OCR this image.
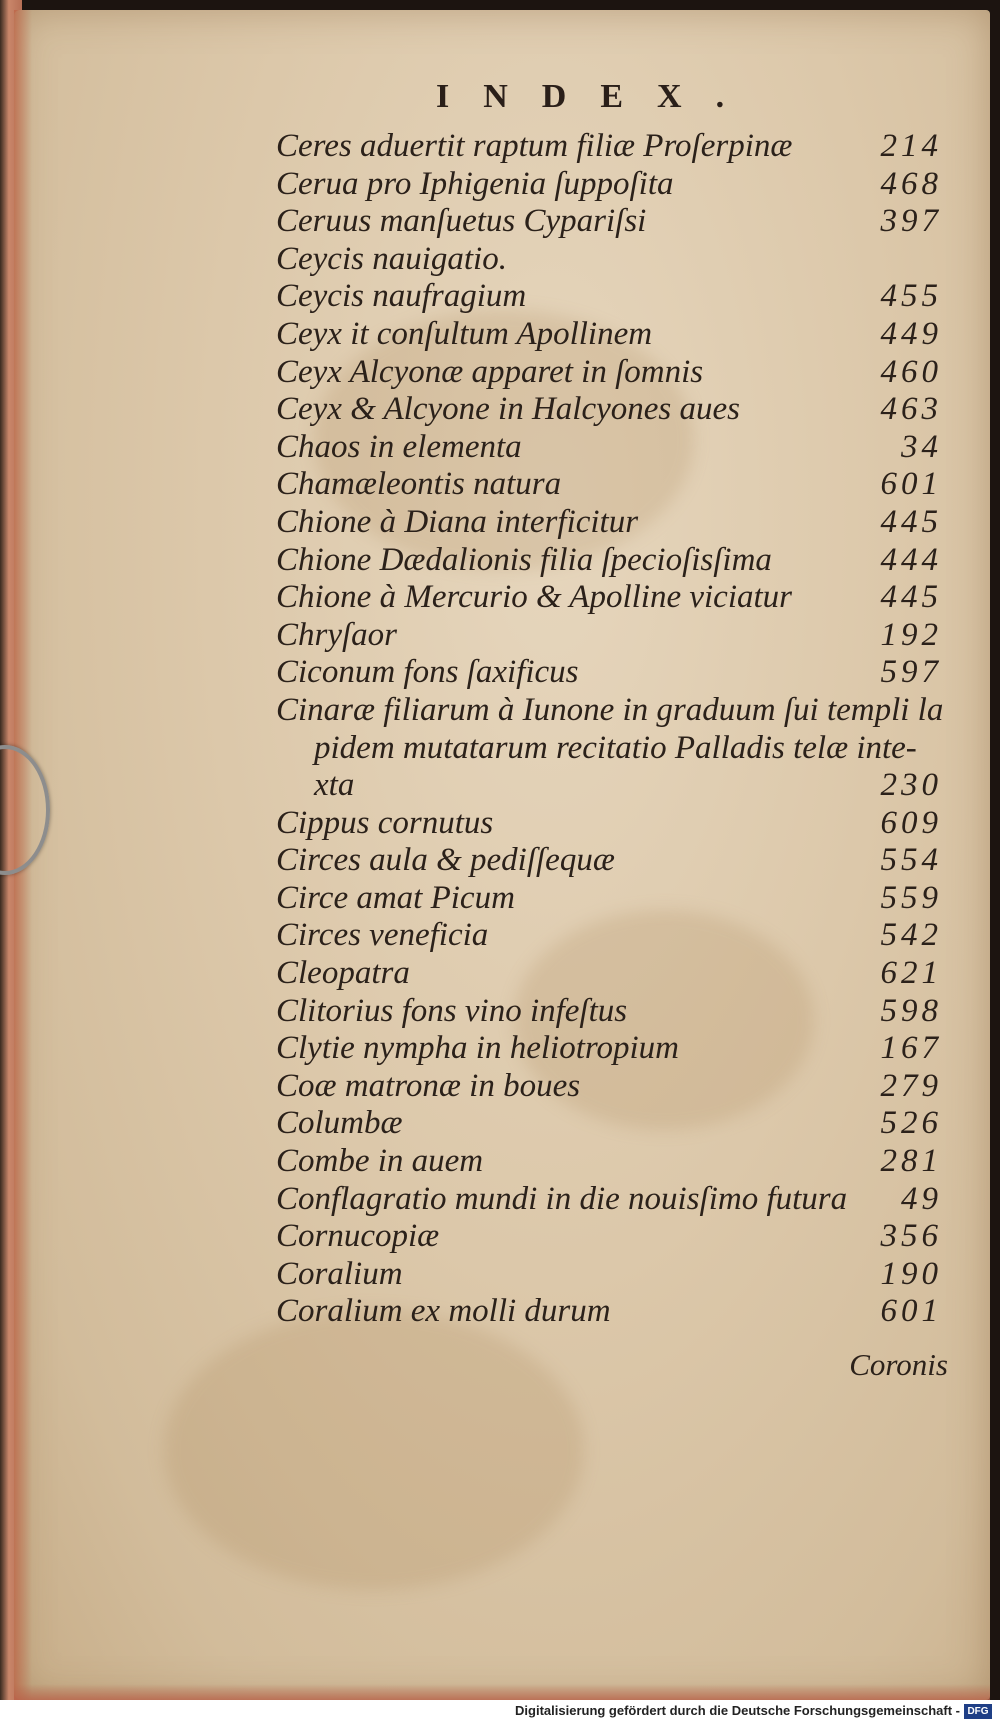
INDEX.
Ceres aduertit raptum filiæ Proſerpinæ	214
Cerua pro Iphigenia ſuppoſita	468
Ceruus manſuetus Cypariſsi	397
Ceycis nauigatio.
Ceycis naufragium	455
Ceyx it conſultum Apollinem	449
Ceyx Alcyonæ apparet in ſomnis	460
Ceyx & Alcyone in Halcyones aues	463
Chaos in elementa	34
Chamæleontis natura	601
Chione à Diana interficitur	445
Chione Dædalionis filia ſpecioſisſima	444
Chione à Mercurio & Apolline viciatur	445
Chryſaor	192
Ciconum fons ſaxificus	597
Cinaræ filiarum à Iunone in graduum ſui templi la
pidem mutatarum recitatio Palladis telæ inte-
xta	230
Cippus cornutus	609
Circes aula & pediſſequæ	554
Circe amat Picum	559
Circes veneficia	542
Cleopatra	621
Clitorius fons vino infeſtus	598
Clytie nympha in heliotropium	167
Coæ matronæ in boues	279
Columbæ	526
Combe in auem	281
Conflagratio mundi in die nouisſimo futura 49
Cornucopiæ	356
Coralium	190
Coralium ex molli durum	601
Coronis
Digitalisierung gefördert durch die Deutsche Forschungsgemeinschaft - DFG
